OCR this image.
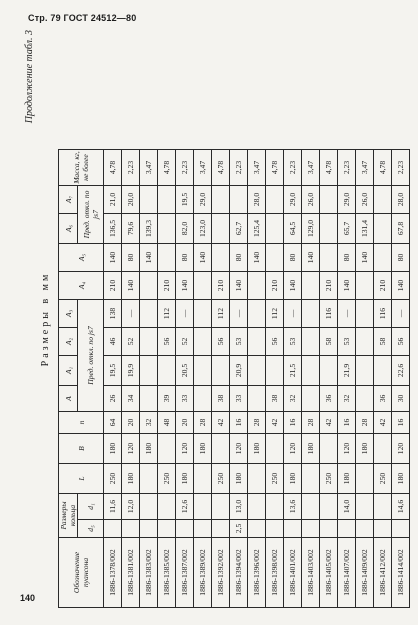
Стр. 79 ГОСТ 24512—80
Продолжение табл. 3
Размеры в мм
Обозначение пуансона	Размеры кольца		L	B	n	A	A₁	A₂	A₃	A₄	A₅	A₆	A₇	Масса, кг, не более
	d₅	d₁				Пред. откл. по js7						Пред. откл. по js7		

1886-1378/002		11,6	250	180	64	26	19,5	46	138	210	140	136,5	21,0	4,78
1886-1381/002		12,0	180	120	20	34	19,9	52	—	140	80	79,6	20,0	2,23
1886-1383/002				180	32						140	139,3		3,47
1886-1385/002			250		48	39		56	112	210				4,78
1886-1387/002		12,6	180	120	20	33	20,5	52	—	140	80	82,0	19,5	2,23
1886-1389/002				180	28						140	123,0	29,0	3,47
1886-1392/002			250		42	38		56	112	210				4,78
1886-1394/002	2,5	13,0	180	120	16	33	20,9	53	—	140	80	62,7		2,23
1886-1396/002				180	28						140	125,4	28,0	3,47
1886-1398/002			250		42	38		56	112	210				4,78
1886-1401/002		13,6	180	120	16	32	21,5	53	—	140	80	64,5	29,0	2,23
1886-1403/002				180	28						140	129,0	26,0	3,47
1886-1405/002			250		42	36		58	116	210				4,78
1886-1407/002		14,0	180	120	16	32	21,9	53	—	140	80	65,7	29,0	2,23
1886-1409/002				180	28						140	131,4	26,0	3,47
1886-1412/002			250		42	36		58	116	210				4,78
1886-1414/002		14,6	180	120	16	30	22,6	56	—	140	80	67,8	28,0	2,23
140
